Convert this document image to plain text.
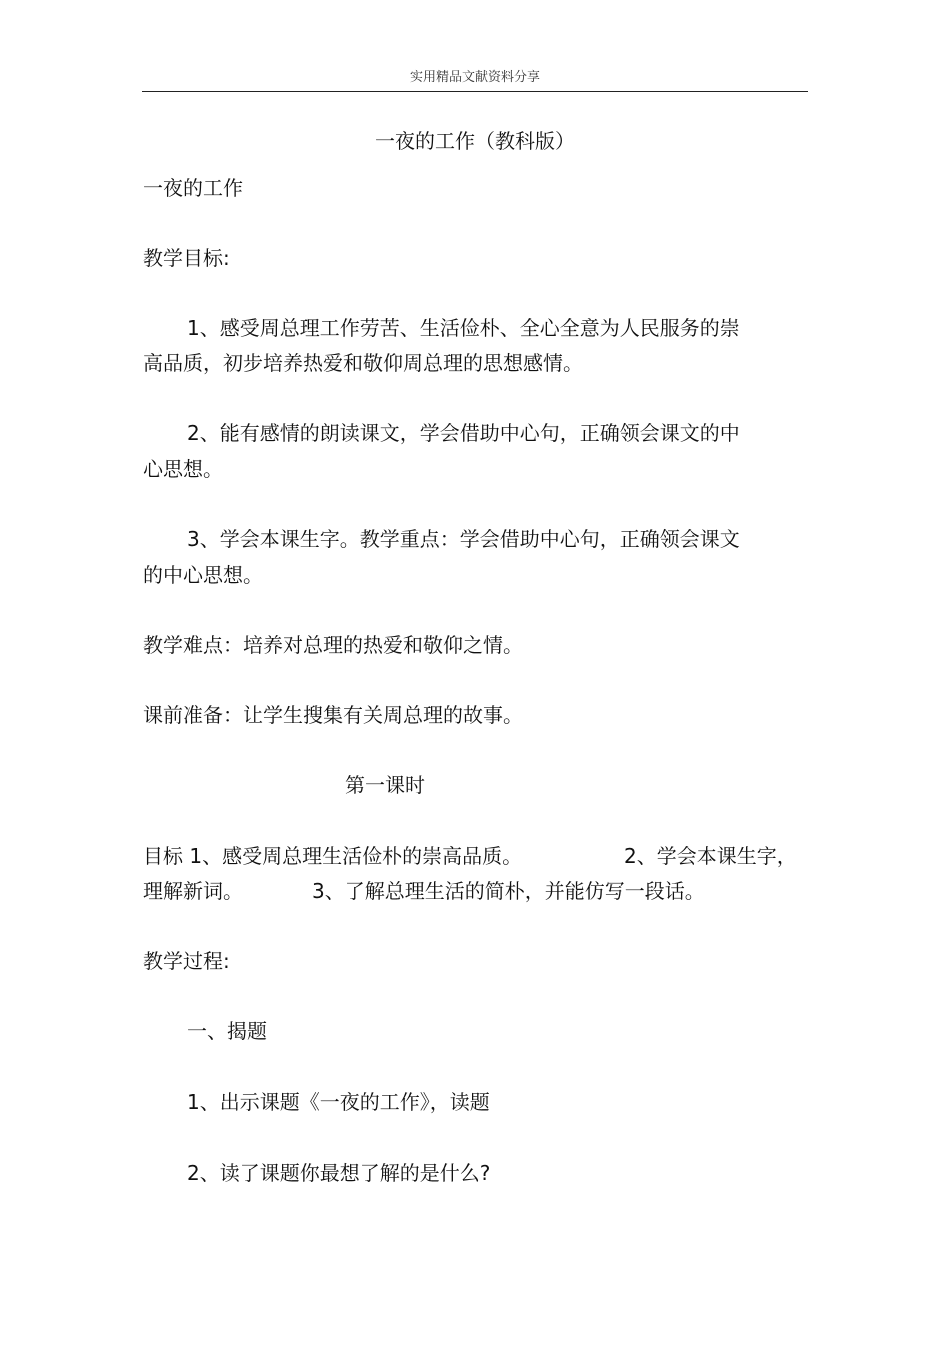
实用精品文献资料分享
一夜的工作（教科版）
一夜的工作
教学目标:
1、感受周总理工作劳苦、生活俭朴、全心全意为人民服务的崇
高品质，初步培养热爱和敬仰周总理的思想感情。
2、能有感情的朗读课文，学会借助中心句，正确领会课文的中
心思想。
3、学会本课生字。教学重点：学会借助中心句，正确领会课文
的中心思想。
教学难点：培养对总理的热爱和敬仰之情。
课前准备：让学生搜集有关周总理的故事。
第一课时
目标 1、感受周总理生活俭朴的崇高品质。	2、学会本课生字，
理解新词。	3、了解总理生活的简朴，并能仿写一段话。
教学过程:
一、揭题
1、出示课题《一夜的工作》，读题
2、读了课题你最想了解的是什么?
